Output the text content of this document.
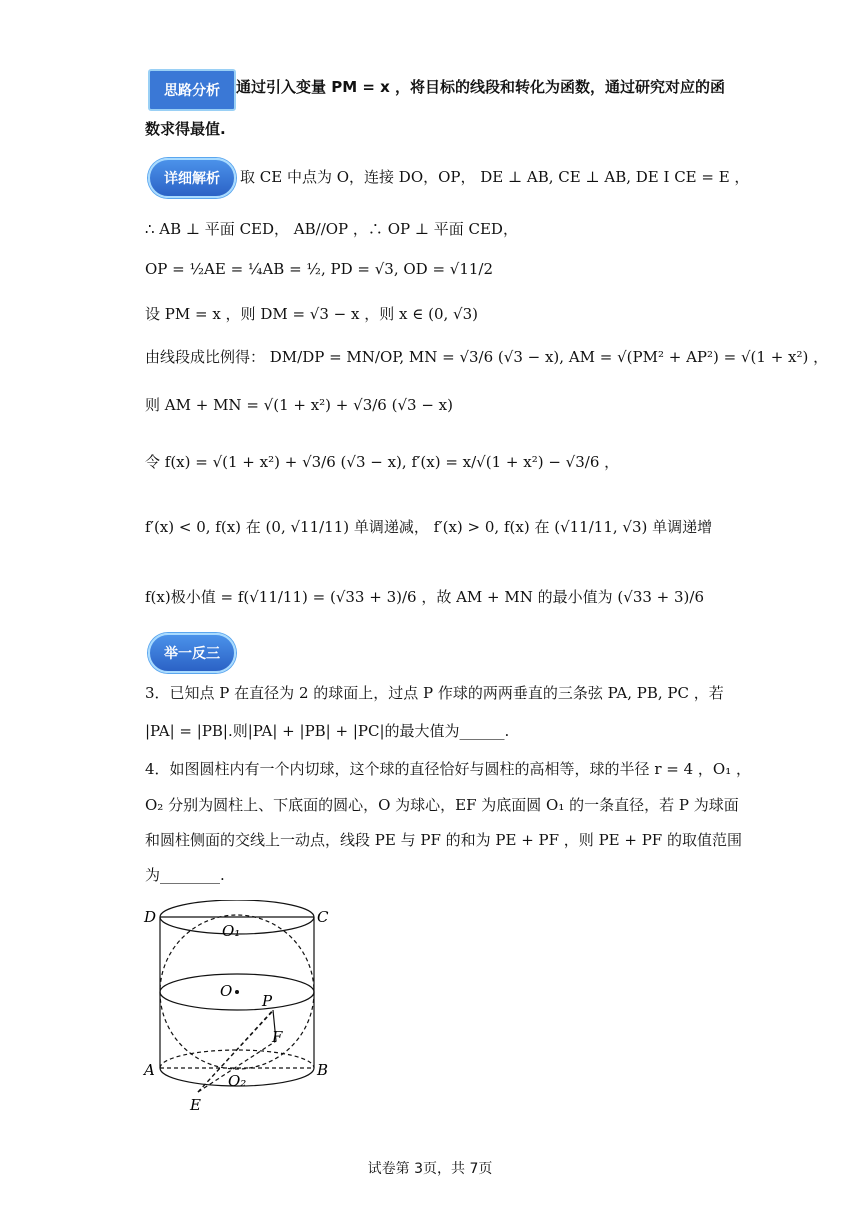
思路分析	通过引入变量 PM = x ，将目标的线段和转化为函数，通过研究对应的函
数求得最值.
详细解析	取 CE 中点为 O，连接 DO，OP， DE ⊥ AB, CE ⊥ AB, DE I CE = E ，
∴ AB ⊥ 平面 CED， AB//OP ，∴ OP ⊥ 平面 CED，
OP = ½AE = ¼AB = ½, PD = √3, OD = √11/2
设 PM = x ，则 DM = √3 − x ，则 x ∈ (0, √3)
由线段成比例得： DM/DP = MN/OP, MN = √3/6 (√3 − x), AM = √(PM² + AP²) = √(1 + x²) ，
则 AM + MN = √(1 + x²) + √3/6 (√3 − x)
令 f(x) = √(1 + x²) + √3/6 (√3 − x), f′(x) = x/√(1 + x²) − √3/6 ，
f′(x) < 0, f(x) 在 (0, √11/11) 单调递减， f′(x) > 0, f(x) 在 (√11/11, √3) 单调递增
f(x)极小值 = f(√11/11) = (√33 + 3)/6 ，故 AM + MN 的最小值为 (√33 + 3)/6
举一反三
3．已知点 P 在直径为 2 的球面上，过点 P 作球的两两垂直的三条弦 PA, PB, PC ，若
|PA| = |PB|.则|PA| + |PB| + |PC|的最大值为______.
4．如图圆柱内有一个内切球，这个球的直径恰好与圆柱的高相等，球的半径 r = 4 ，O₁ ，
O₂ 分别为圆柱上、下底面的圆心，O 为球心，EF 为底面圆 O₁ 的一条直径，若 P 为球面
和圆柱侧面的交线上一动点，线段 PE 与 PF 的和为 PE + PF ，则 PE + PF 的取值范围
为________.
D	C
O₁
O
P
F
A	B
O₂
E
试卷第 3页，共 7页
